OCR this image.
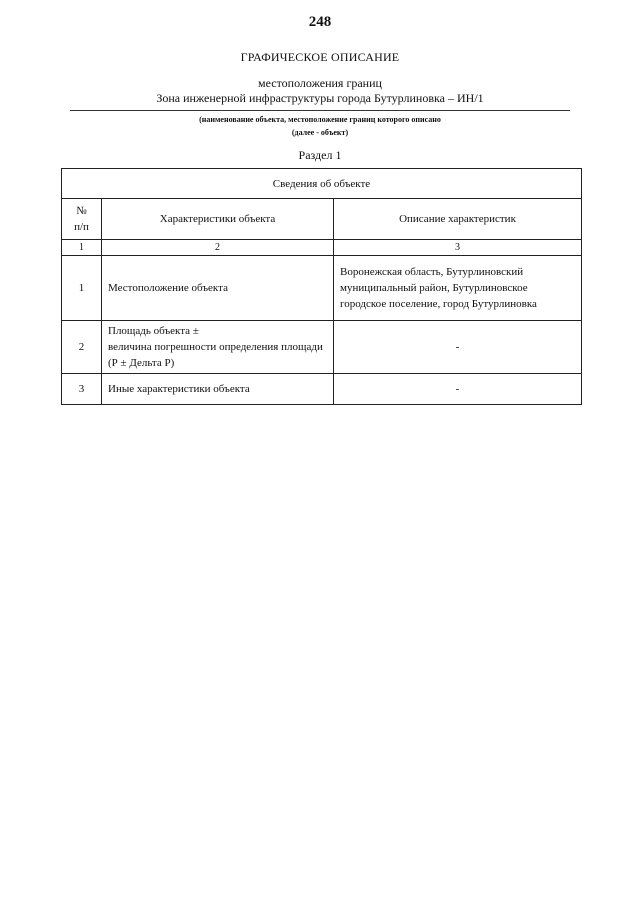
248
ГРАФИЧЕСКОЕ ОПИСАНИЕ
местоположения границ
Зона инженерной инфраструктуры города Бутурлиновка – ИН/1
(наименование объекта, местоположение границ которого описано
(далее - объект)
Раздел 1
Сведения об объекте		
№
п/п	Характеристики объекта	Описание характеристик
1	2	3
1	Местоположение объекта	Воронежская область, Бутурлиновский муниципальный район, Бутурлиновское городское поселение, город Бутурлиновка
2	Площадь объекта ±
величина погрешности определения площади (Р ± Дельта Р)	-
3	Иные характеристики объекта	-
